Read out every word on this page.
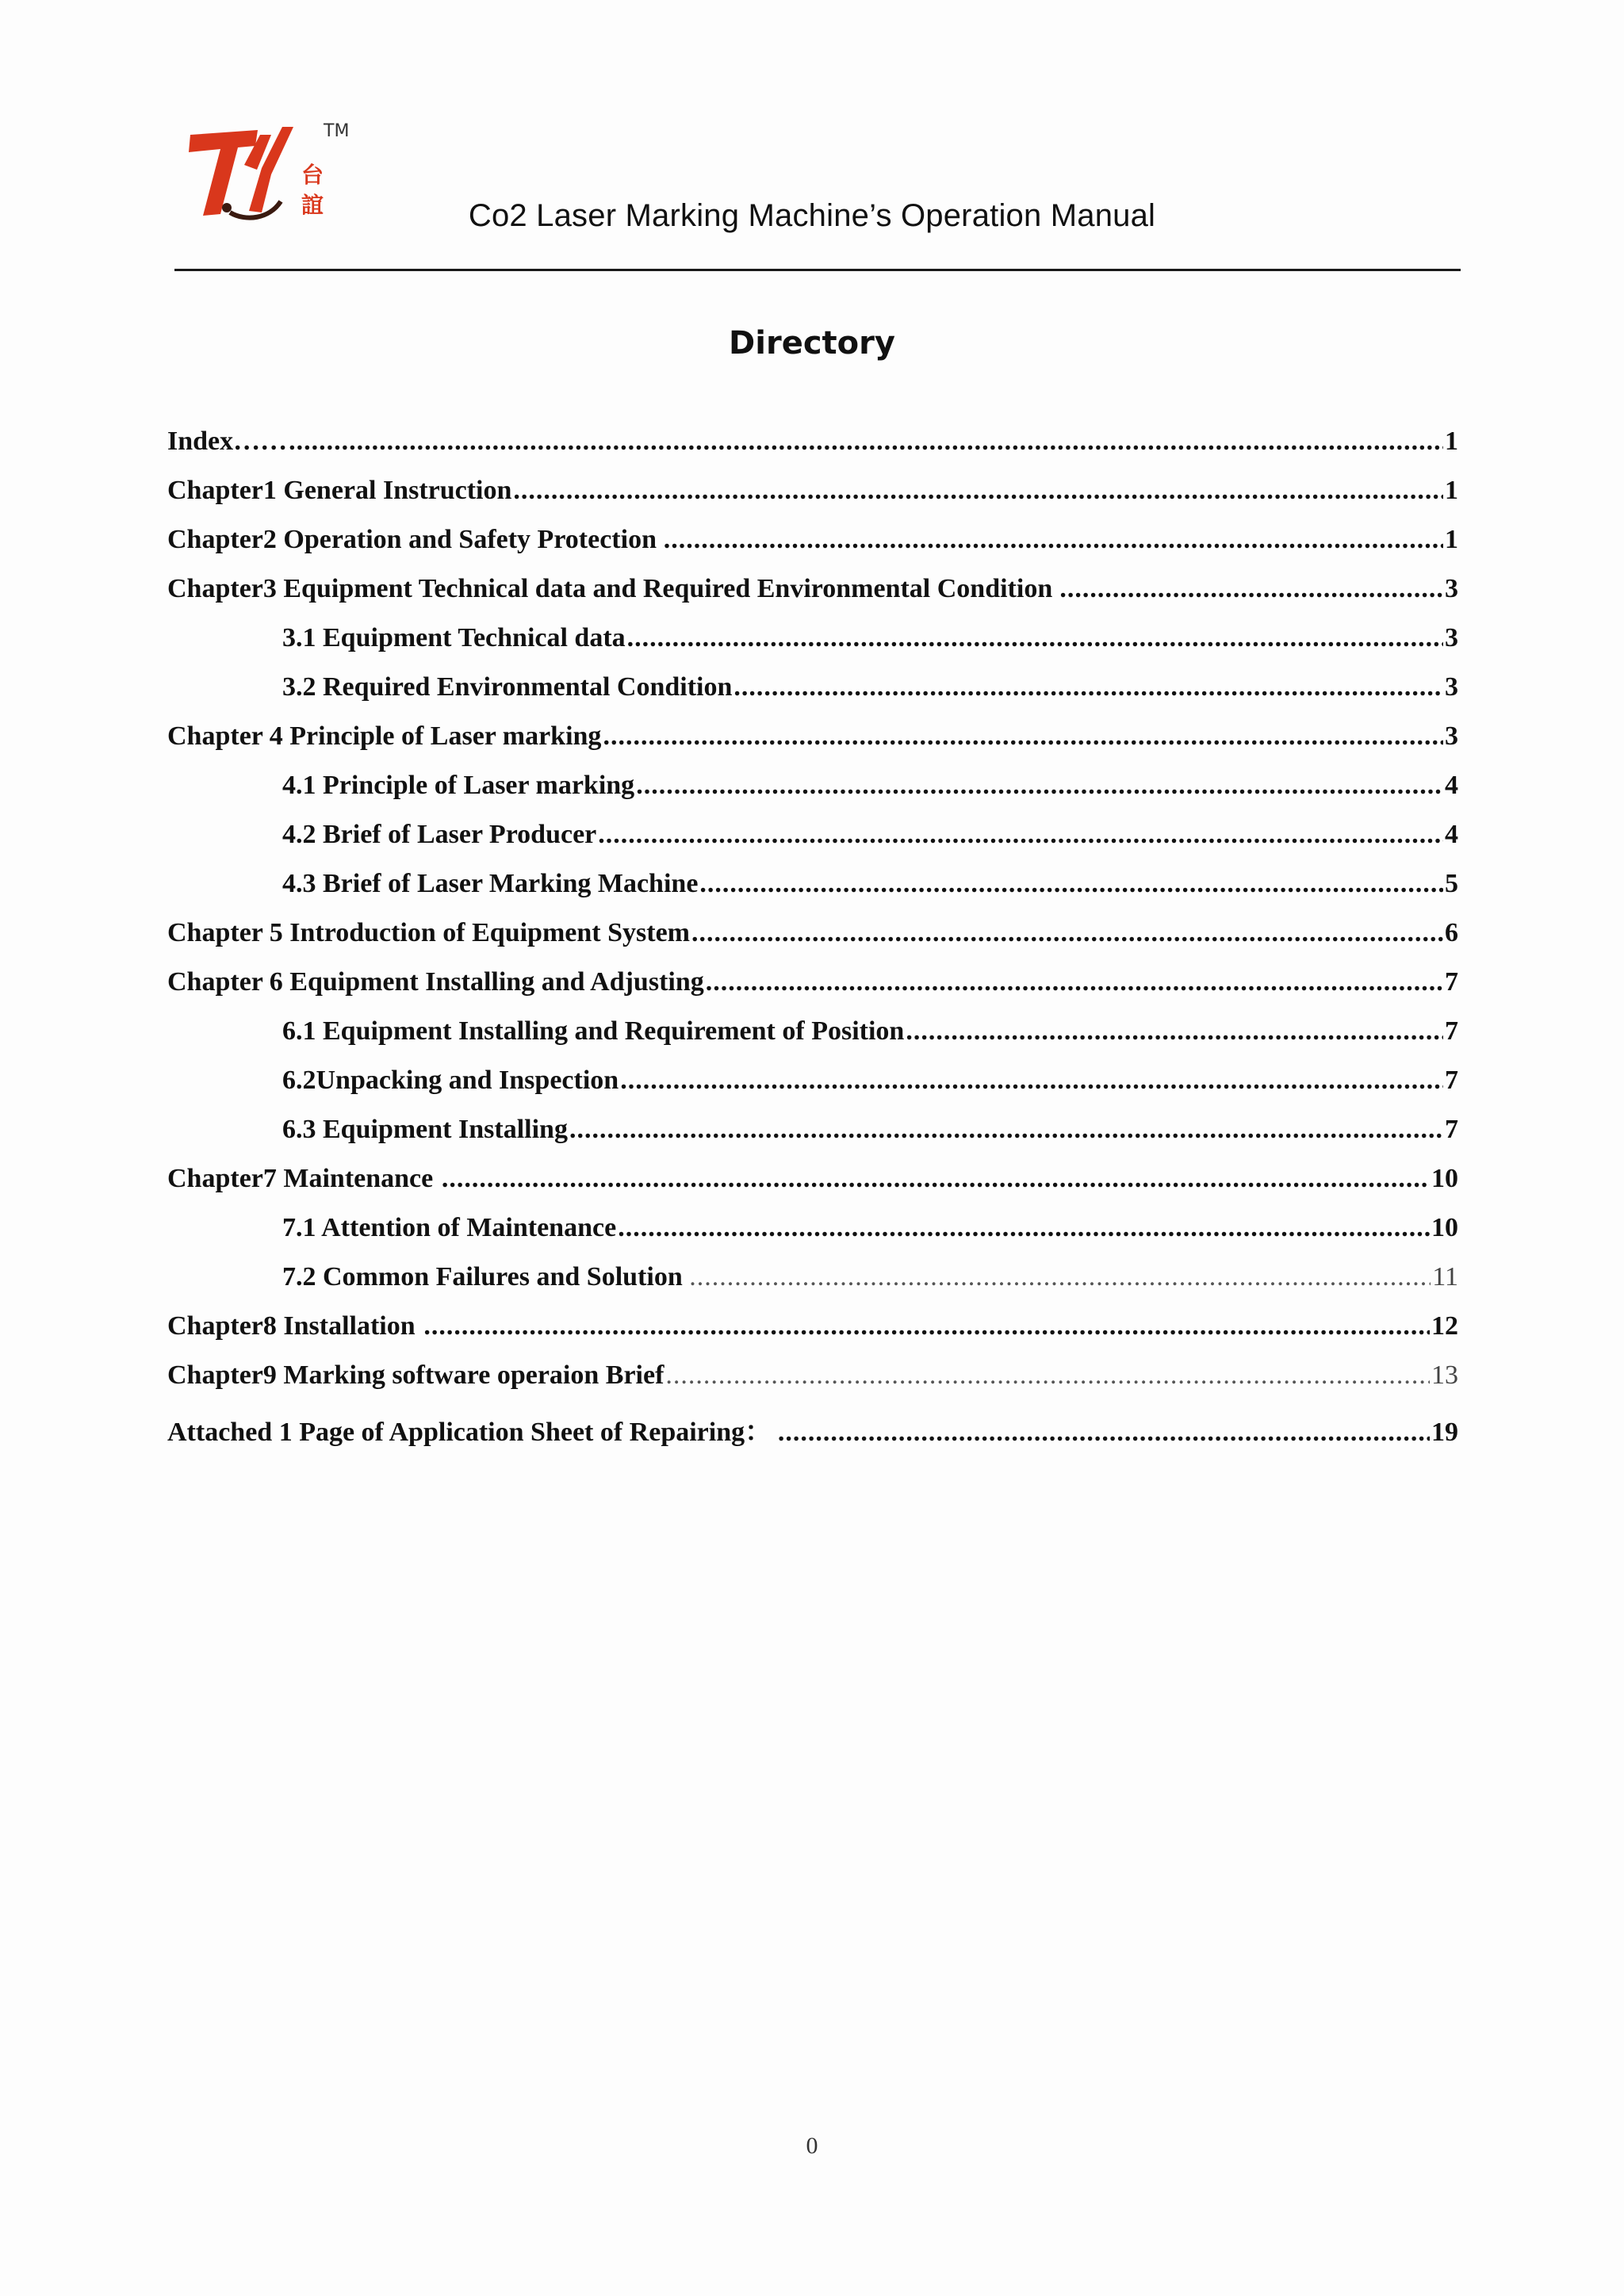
TM
台
誼	Co2 Laser Marking Machine’s Operation Manual
Directory
Index…… .....	1
Chapter1 General Instruction .....	1
Chapter2 Operation and Safety Protection .....	1
Chapter3 Equipment Technical data and Required Environmental Condition .....	3
3.1 Equipment Technical data .....	3
3.2 Required Environmental Condition .....	3
Chapter 4 Principle of Laser marking .....	3
4.1 Principle of Laser marking .....	4
4.2 Brief of Laser Producer .....	4
4.3 Brief of Laser Marking Machine .....	5
Chapter 5 Introduction of Equipment System .....	6
Chapter 6 Equipment Installing and Adjusting .....	7
6.1 Equipment Installing and Requirement of Position .....	7
6.2Unpacking and Inspection .....	7
6.3 Equipment Installing .....	7
Chapter7 Maintenance .....	10
7.1 Attention of Maintenance .....	10
7.2 Common Failures and Solution .....	11
Chapter8 Installation .....	12
Chapter9 Marking software operaion Brief .....	13
Attached 1 Page of Application Sheet of Repairing： .....	19
0
